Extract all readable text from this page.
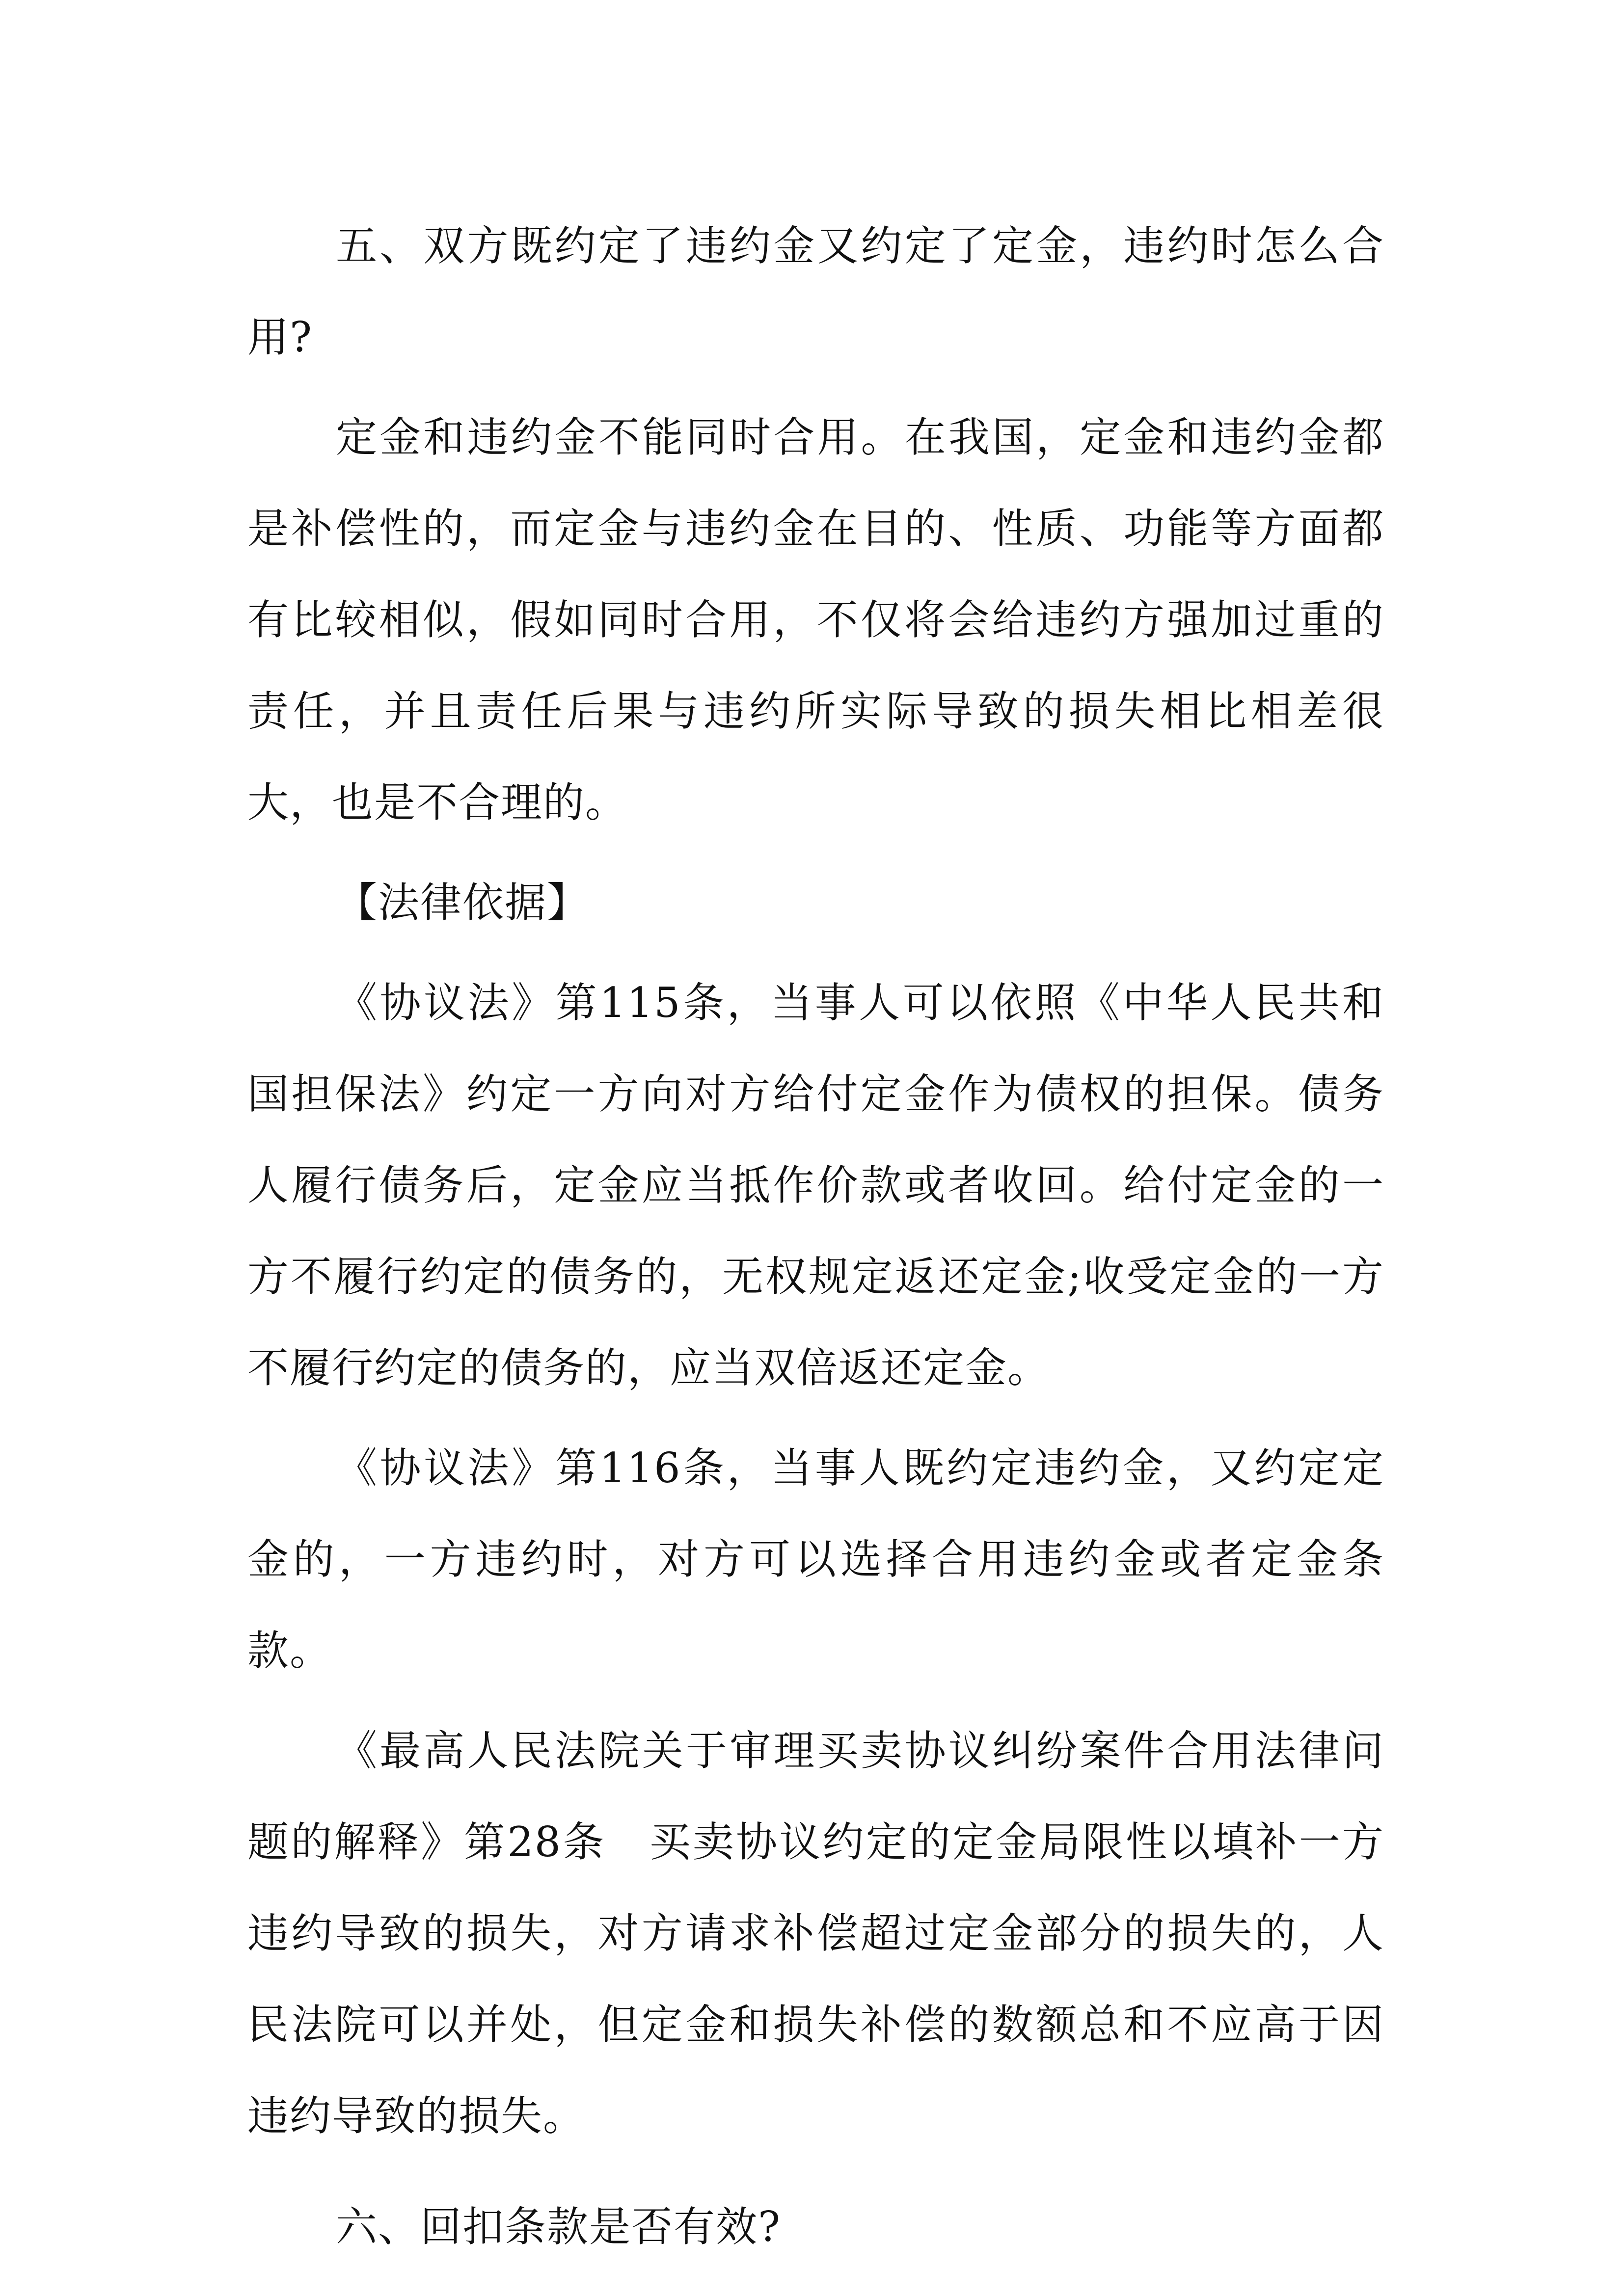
五、双方既约定了违约金又约定了定金，违约时怎么合用?

定金和违约金不能同时合用。在我国，定金和违约金都是补偿性的，而定金与违约金在目的、性质、功能等方面都有比较相似，假如同时合用，不仅将会给违约方强加过重的责任，并且责任后果与违约所实际导致的损失相比相差很大，也是不合理的。

【法律依据】

《协议法》第115条，当事人可以依照《中华人民共和国担保法》约定一方向对方给付定金作为债权的担保。债务人履行债务后，定金应当抵作价款或者收回。给付定金的一方不履行约定的债务的，无权规定返还定金;收受定金的一方不履行约定的债务的，应当双倍返还定金。

《协议法》第116条，当事人既约定违约金，又约定定金的，一方违约时，对方可以选择合用违约金或者定金条款。

《最高人民法院关于审理买卖协议纠纷案件合用法律问题的解释》第28条　买卖协议约定的定金局限性以填补一方违约导致的损失，对方请求补偿超过定金部分的损失的，人民法院可以并处，但定金和损失补偿的数额总和不应高于因违约导致的损失。

六、回扣条款是否有效?
